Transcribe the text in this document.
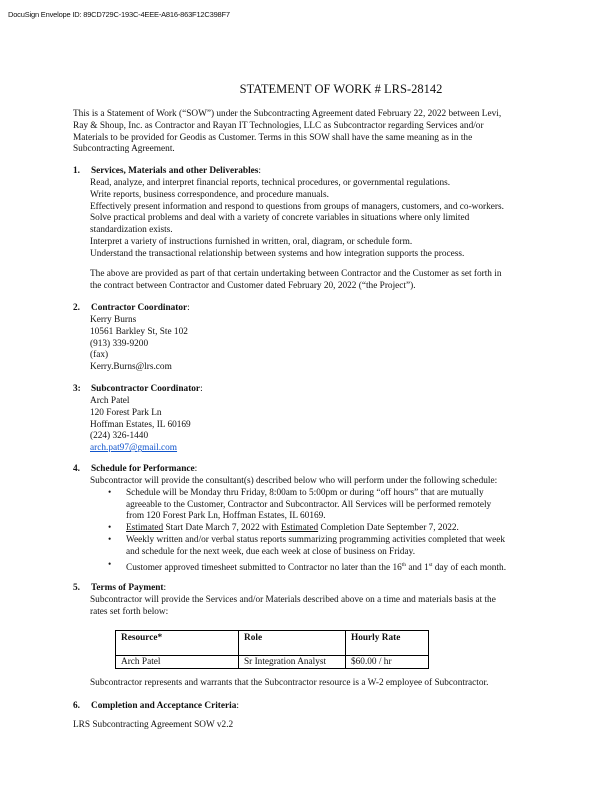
DocuSign Envelope ID: 89CD729C-193C-4EEE-A816-863F12C398F7
STATEMENT OF WORK # LRS-28142
This is a Statement of Work (“SOW”) under the Subcontracting Agreement dated February 22, 2022 between Levi,
Ray & Shoup, Inc. as Contractor and Rayan IT Technologies, LLC as Subcontractor regarding Services and/or
Materials to be provided for Geodis as Customer. Terms in this SOW shall have the same meaning as in the
Subcontracting Agreement.
1. Services, Materials and other Deliverables:
Read, analyze, and interpret financial reports, technical procedures, or governmental regulations.
Write reports, business correspondence, and procedure manuals.
Effectively present information and respond to questions from groups of managers, customers, and co-workers.
Solve practical problems and deal with a variety of concrete variables in situations where only limited
standardization exists.
Interpret a variety of instructions furnished in written, oral, diagram, or schedule form.
Understand the transactional relationship between systems and how integration supports the process.
The above are provided as part of that certain undertaking between Contractor and the Customer as set forth in
the contract between Contractor and Customer dated February 20, 2022 (“the Project”).
2. Contractor Coordinator:
Kerry Burns
10561 Barkley St, Ste 102
(913) 339-9200
(fax)
Kerry.Burns@lrs.com
3: Subcontractor Coordinator:
Arch Patel
120 Forest Park Ln
Hoffman Estates, IL 60169
(224) 326-1440
arch.pat97@gmail.com
4. Schedule for Performance:
Subcontractor will provide the consultant(s) described below who will perform under the following schedule:
• Schedule will be Monday thru Friday, 8:00am to 5:00pm or during “off hours” that are mutually
agreeable to the Customer, Contractor and Subcontractor. All Services will be performed remotely
from 120 Forest Park Ln, Hoffman Estates, IL 60169.
• Estimated Start Date March 7, 2022 with Estimated Completion Date September 7, 2022.
• Weekly written and/or verbal status reports summarizing programming activities completed that week
and schedule for the next week, due each week at close of business on Friday.
• Customer approved timesheet submitted to Contractor no later than the 16th and 1st day of each month.
5. Terms of Payment:
Subcontractor will provide the Services and/or Materials described above on a time and materials basis at the
rates set forth below:
Resource*	Role	Hourly Rate
Arch Patel	Sr Integration Analyst	$60.00 / hr
Subcontractor represents and warrants that the Subcontractor resource is a W-2 employee of Subcontractor.
6. Completion and Acceptance Criteria:
LRS Subcontracting Agreement SOW v2.2
